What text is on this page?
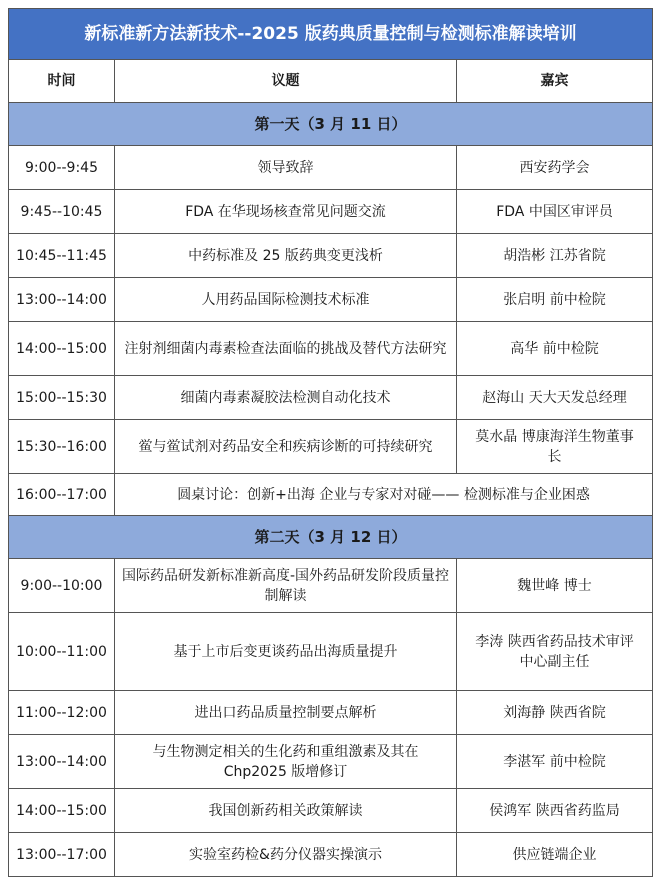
新标准新方法新技术--2025 版药典质量控制与检测标准解读培训		
时间	议题	嘉宾
第一天（3 月 11 日）		
9:00--9:45	领导致辞	西安药学会
9:45--10:45	FDA 在华现场核查常见问题交流	FDA 中国区审评员
10:45--11:45	中药标准及 25 版药典变更浅析	胡浩彬 江苏省院
13:00--14:00	人用药品国际检测技术标准	张启明 前中检院
14:00--15:00	注射剂细菌内毒素检查法面临的挑战及替代方法研究	高华 前中检院
15:00--15:30	细菌内毒素凝胶法检测自动化技术	赵海山 天大天发总经理
15:30--16:00	鲎与鲎试剂对药品安全和疾病诊断的可持续研究	莫水晶 博康海洋生物董事长
16:00--17:00	圆桌讨论：创新+出海 企业与专家对对碰—— 检测标准与企业困惑	
第二天（3 月 12 日）		
9:00--10:00	国际药品研发新标准新高度-国外药品研发阶段质量控制解读	魏世峰 博士
10:00--11:00	基于上市后变更谈药品出海质量提升	李涛 陕西省药品技术审评中心副主任
11:00--12:00	进出口药品质量控制要点解析	刘海静 陕西省院
13:00--14:00	与生物测定相关的生化药和重组激素及其在Chp2025 版增修订	李湛军 前中检院
14:00--15:00	我国创新药相关政策解读	侯鸿军 陕西省药监局
13:00--17:00	实验室药检&药分仪器实操演示	供应链端企业
